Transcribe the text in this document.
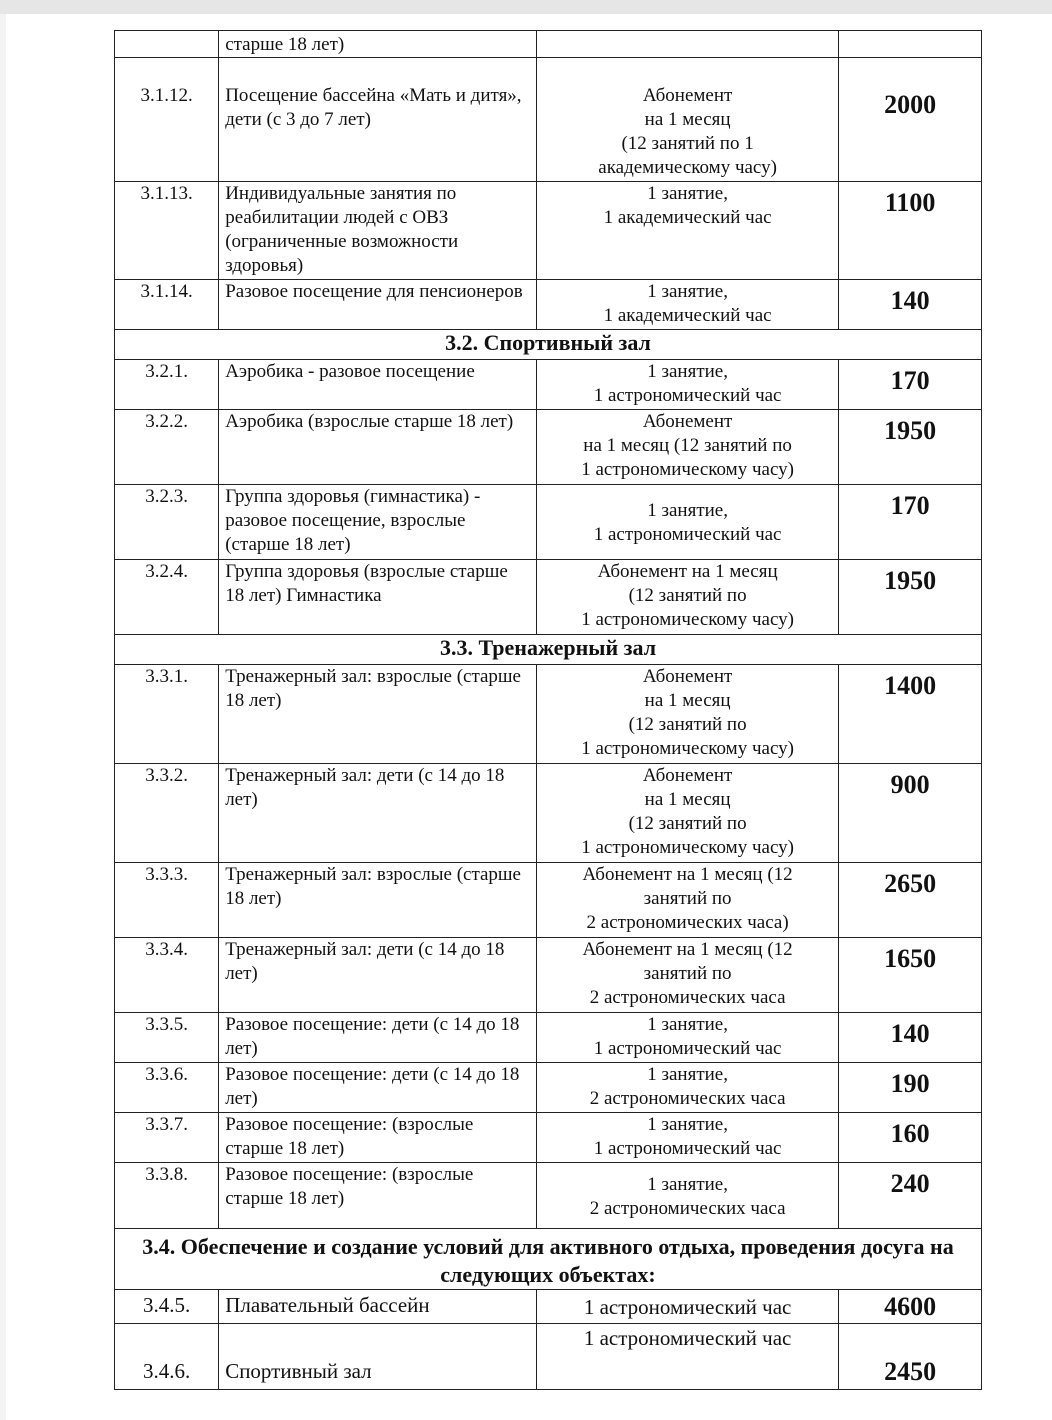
	старше 18 лет)		
3.1.12.	Посещение бассейна «Мать и дитя», дети (с 3 до 7 лет)	Абонемент
на 1 месяц
(12 занятий по 1
академическому часу)	2000
3.1.13.	Индивидуальные занятия по реабилитации людей с ОВЗ (ограниченные возможности здоровья)	1 занятие,
1 академический час	1100
3.1.14.	Разовое посещение для пенсионеров	1 занятие,
1 академический час	140
3.2. Спортивный зал			
3.2.1.	Аэробика - разовое посещение	1 занятие,
1 астрономический час	170
3.2.2.	Аэробика (взрослые старше 18 лет)	Абонемент
на 1 месяц (12 занятий по
1 астрономическому часу)	1950
3.2.3.	Группа здоровья (гимнастика) - разовое посещение, взрослые (старше 18 лет)	1 занятие,
1 астрономический час	170
3.2.4.	Группа здоровья (взрослые старше 18 лет) Гимнастика	Абонемент на 1 месяц
(12 занятий по
1 астрономическому часу)	1950
3.3. Тренажерный зал			
3.3.1.	Тренажерный зал: взрослые (старше 18 лет)	Абонемент
на 1 месяц
(12 занятий по
1 астрономическому часу)	1400
3.3.2.	Тренажерный зал: дети (с 14 до 18 лет)	Абонемент
на 1 месяц
(12 занятий по
1 астрономическому часу)	900
3.3.3.	Тренажерный зал: взрослые (старше 18 лет)	Абонемент на 1 месяц (12
занятий по
2 астрономических часа)	2650
3.3.4.	Тренажерный зал: дети (с 14 до 18 лет)	Абонемент на 1 месяц (12
занятий по
2 астрономических часа	1650
3.3.5.	Разовое посещение: дети (с 14 до 18 лет)	1 занятие,
1 астрономический час	140
3.3.6.	Разовое посещение: дети (с 14 до 18 лет)	1 занятие,
2 астрономических часа	190
3.3.7.	Разовое посещение: (взрослые старше 18 лет)	1 занятие,
1 астрономический час	160
3.3.8.	Разовое посещение: (взрослые старше 18 лет)	1 занятие,
2 астрономических часа	240
3.4. Обеспечение и создание условий для активного отдыха, проведения досуга на следующих объектах:			
3.4.5.	Плавательный бассейн	1 астрономический час	4600
3.4.6.	Спортивный зал	1 астрономический час	2450
